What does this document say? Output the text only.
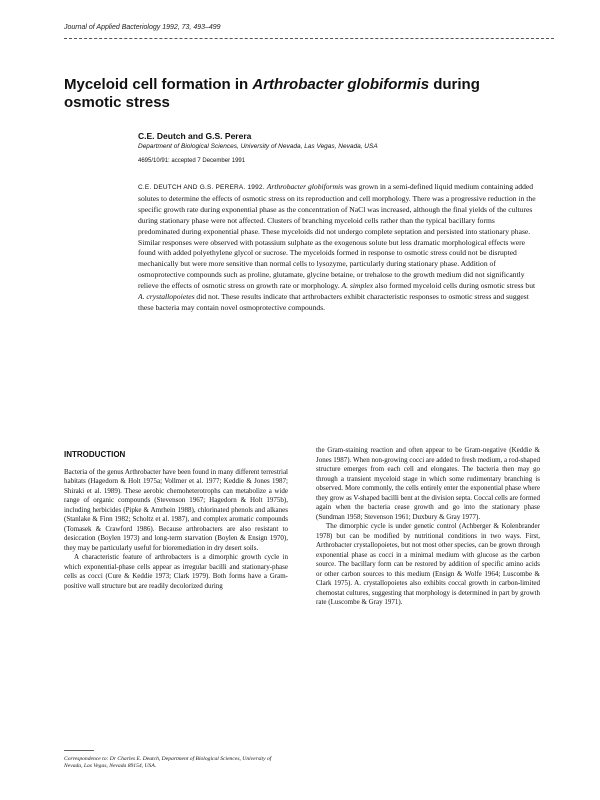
Journal of Applied Bacteriology 1992, 73, 493–499
Myceloid cell formation in Arthrobacter globiformis during osmotic stress
C.E. Deutch and G.S. Perera
Department of Biological Sciences, University of Nevada, Las Vegas, Nevada, USA
4695/10/91: accepted 7 December 1991
C.E. DEUTCH AND G.S. PERERA. 1992. Arthrobacter globiformis was grown in a semi-defined liquid medium containing added solutes to determine the effects of osmotic stress on its reproduction and cell morphology. There was a progressive reduction in the specific growth rate during exponential phase as the concentration of NaCl was increased, although the final yields of the cultures during stationary phase were not affected. Clusters of branching myceloid cells rather than the typical bacillary forms predominated during exponential phase. These myceloids did not undergo complete septation and persisted into stationary phase. Similar responses were observed with potassium sulphate as the exogenous solute but less dramatic morphological effects were found with added polyethylene glycol or sucrose. The myceloids formed in response to osmotic stress could not be disrupted mechanically but were more sensitive than normal cells to lysozyme, particularly during stationary phase. Addition of osmoprotective compounds such as proline, glutamate, glycine betaine, or trehalose to the growth medium did not significantly relieve the effects of osmotic stress on growth rate or morphology. A. simplex also formed myceloid cells during osmotic stress but A. crystallopoietes did not. These results indicate that arthrobacters exhibit characteristic responses to osmotic stress and suggest these bacteria may contain novel osmoprotective compounds.
INTRODUCTION

Bacteria of the genus Arthrobacter have been found in many different terrestrial habitats (Hagedorn & Holt 1975a; Vollmer et al. 1977; Keddie & Jones 1987; Shiraki et al. 1989). These aerobic chemoheterotrophs can metabolize a wide range of organic compounds (Stevenson 1967; Hagedorn & Holt 1975b), including herbicides (Pipke & Amrhein 1988), chlorinated phenols and alkanes (Stanlake & Finn 1982; Scholtz et al. 1987), and complex aromatic compounds (Tomasek & Crawford 1986). Because arthrobacters are also resistant to desiccation (Boylen 1973) and long-term starvation (Boylen & Ensign 1970), they may be particularly useful for bioremediation in dry desert soils.

A characteristic feature of arthrobacters is a dimorphic growth cycle in which exponential-phase cells appear as irregular bacilli and stationary-phase cells as cocci (Cure & Keddie 1973; Clark 1979). Both forms have a Gram-positive wall structure but are readily decolorized during

the Gram-staining reaction and often appear to be Gram-negative (Keddie & Jones 1987). When non-growing cocci are added to fresh medium, a rod-shaped structure emerges from each cell and elongates. The bacteria then may go through a transient myceloid stage in which some rudimentary branching is observed. More commonly, the cells entirely enter the exponential phase where they grow as V-shaped bacilli bent at the division septa. Coccal cells are formed again when the bacteria cease growth and go into the stationary phase (Sundman 1958; Stevenson 1961; Duxbury & Gray 1977).

The dimorphic cycle is under genetic control (Achberger & Kolenbrander 1978) but can be modified by nutritional conditions in two ways. First, Arthrobacter crystallopoietes, but not most other species, can be grown through exponential phase as cocci in a minimal medium with glucose as the carbon source. The bacillary form can be restored by addition of specific amino acids or other carbon sources to this medium (Ensign & Wolfe 1964; Luscombe & Clark 1975). A. crystallopoietes also exhibits coccal growth in carbon-limited chemostat cultures, suggesting that morphology is determined in part by growth rate (Luscombe & Gray 1971).

Correspondence to: Dr Charles E. Deutch, Department of Biological Sciences, University of Nevada, Las Vegas, Nevada 89154, USA.
